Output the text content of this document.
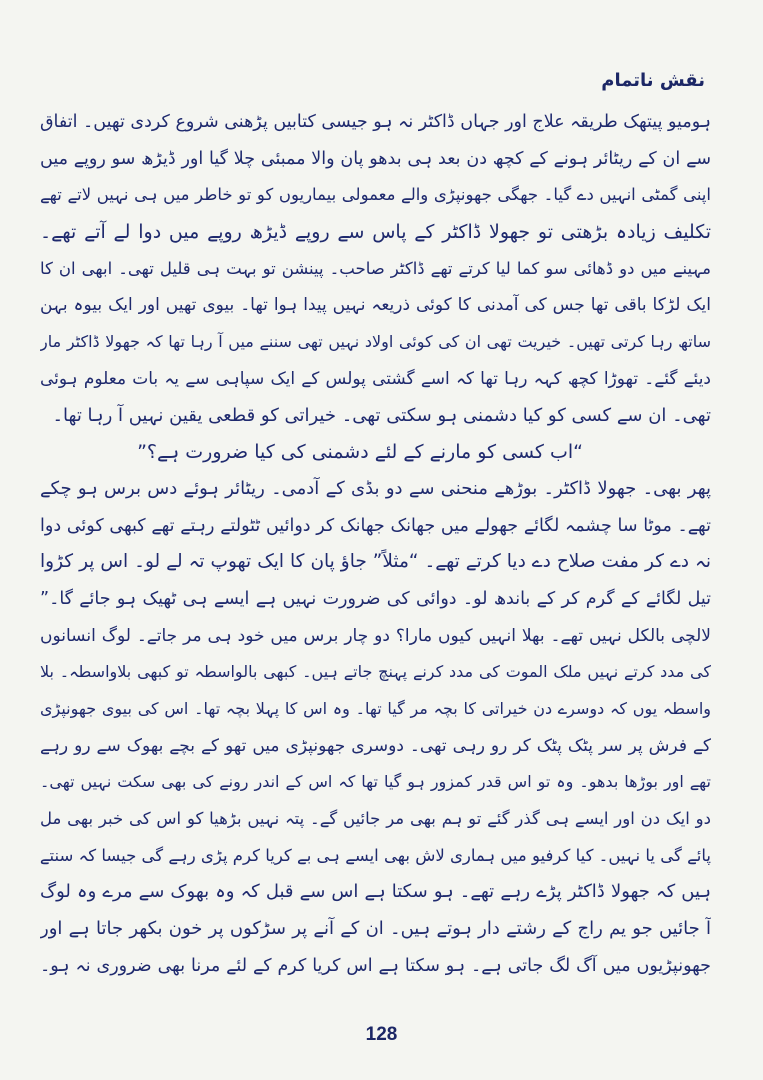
نقش ناتمام
ہومیو پیتھک طریقہ علاج اور جہاں ڈاکٹر نہ ہو جیسی کتابیں پڑھنی شروع کردی تھیں۔ اتفاق
سے ان کے ریٹائر ہونے کے کچھ دن بعد ہی بدھو پان والا ممبئی چلا گیا اور ڈیڑھ سو روپے میں
اپنی گمٹی انہیں دے گیا۔ جھگی جھونپڑی والے معمولی بیماریوں کو تو خاطر میں ہی نہیں لاتے تھے
تکلیف زیادہ بڑھتی تو جھولا ڈاکٹر کے پاس سے روپے ڈیڑھ روپے میں دوا لے آتے تھے۔
مہینے میں دو ڈھائی سو کما لیا کرتے تھے ڈاکٹر صاحب۔ پینشن تو بہت ہی قلیل تھی۔ ابھی ان کا
ایک لڑکا باقی تھا جس کی آمدنی کا کوئی ذریعہ نہیں پیدا ہوا تھا۔ بیوی تھیں اور ایک بیوہ بہن
ساتھ رہا کرتی تھیں۔ خیریت تھی ان کی کوئی اولاد نہیں تھی سننے میں آ رہا تھا کہ جھولا ڈاکٹر مار
دیئے گئے۔ تھوڑا کچھ کہہ رہا تھا کہ اسے گشتی پولس کے ایک سپاہی سے یہ بات معلوم ہوئی
تھی۔ ان سے کسی کو کیا دشمنی ہو سکتی تھی۔ خیراتی کو قطعی یقین نہیں آ رہا تھا۔
“اب کسی کو مارنے کے لئے دشمنی کی کیا ضرورت ہے؟”
پھر بھی۔ جھولا ڈاکٹر۔ بوڑھے منحنی سے دو بڈی کے آدمی۔ ریٹائر ہوئے دس برس ہو چکے
تھے۔ موٹا سا چشمہ لگائے جھولے میں جھانک جھانک کر دوائیں ٹٹولتے رہتے تھے کبھی کوئی دوا
نہ دے کر مفت صلاح دے دیا کرتے تھے۔ “مثلاً” جاؤ پان کا ایک تھوپ تہ لے لو۔ اس پر کڑوا
تیل لگائے کے گرم کر کے باندھ لو۔ دوائی کی ضرورت نہیں ہے ایسے ہی ٹھیک ہو جائے گا۔”
لالچی بالکل نہیں تھے۔ بھلا انہیں کیوں مارا؟ دو چار برس میں خود ہی مر جاتے۔ لوگ انسانوں
کی مدد کرتے نہیں ملک الموت کی مدد کرنے پہنچ جاتے ہیں۔ کبھی بالواسطہ تو کبھی بلاواسطہ۔ بلا
واسطہ یوں کہ دوسرے دن خیراتی کا بچہ مر گیا تھا۔ وہ اس کا پہلا بچہ تھا۔ اس کی بیوی جھونپڑی
کے فرش پر سر پٹک پٹک کر رو رہی تھی۔ دوسری جھونپڑی میں تھو کے بچے بھوک سے رو رہے
تھے اور بوڑھا بدھو۔ وہ تو اس قدر کمزور ہو گیا تھا کہ اس کے اندر رونے کی بھی سکت نہیں تھی۔
دو ایک دن اور ایسے ہی گذر گئے تو ہم بھی مر جائیں گے۔ پتہ نہیں بڑھیا کو اس کی خبر بھی مل
پائے گی یا نہیں۔ کیا کرفیو میں ہماری لاش بھی ایسے ہی بے کریا کرم پڑی رہے گی جیسا کہ سنتے
ہیں کہ جھولا ڈاکٹر پڑے رہے تھے۔ ہو سکتا ہے اس سے قبل کہ وہ بھوک سے مرے وہ لوگ
آ جائیں جو یم راج کے رشتے دار ہوتے ہیں۔ ان کے آنے پر سڑکوں پر خون بکھر جاتا ہے اور
جھونپڑیوں میں آگ لگ جاتی ہے۔ ہو سکتا ہے اس کریا کرم کے لئے مرنا بھی ضروری نہ ہو۔
128
